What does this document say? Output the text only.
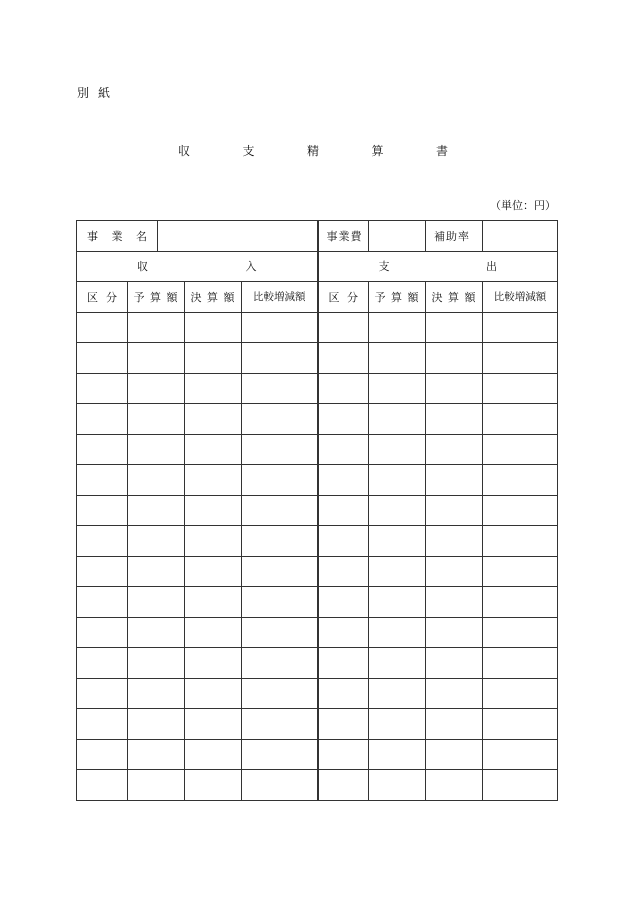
別紙
収	支	精	算	書
（単位：円）
事 業 名					事業費		補助率	

収 入					支 出			

区 分	予 算 額		決 算 額	比較増減額	区 分	予 算 額	決 算 額	比較増減額
